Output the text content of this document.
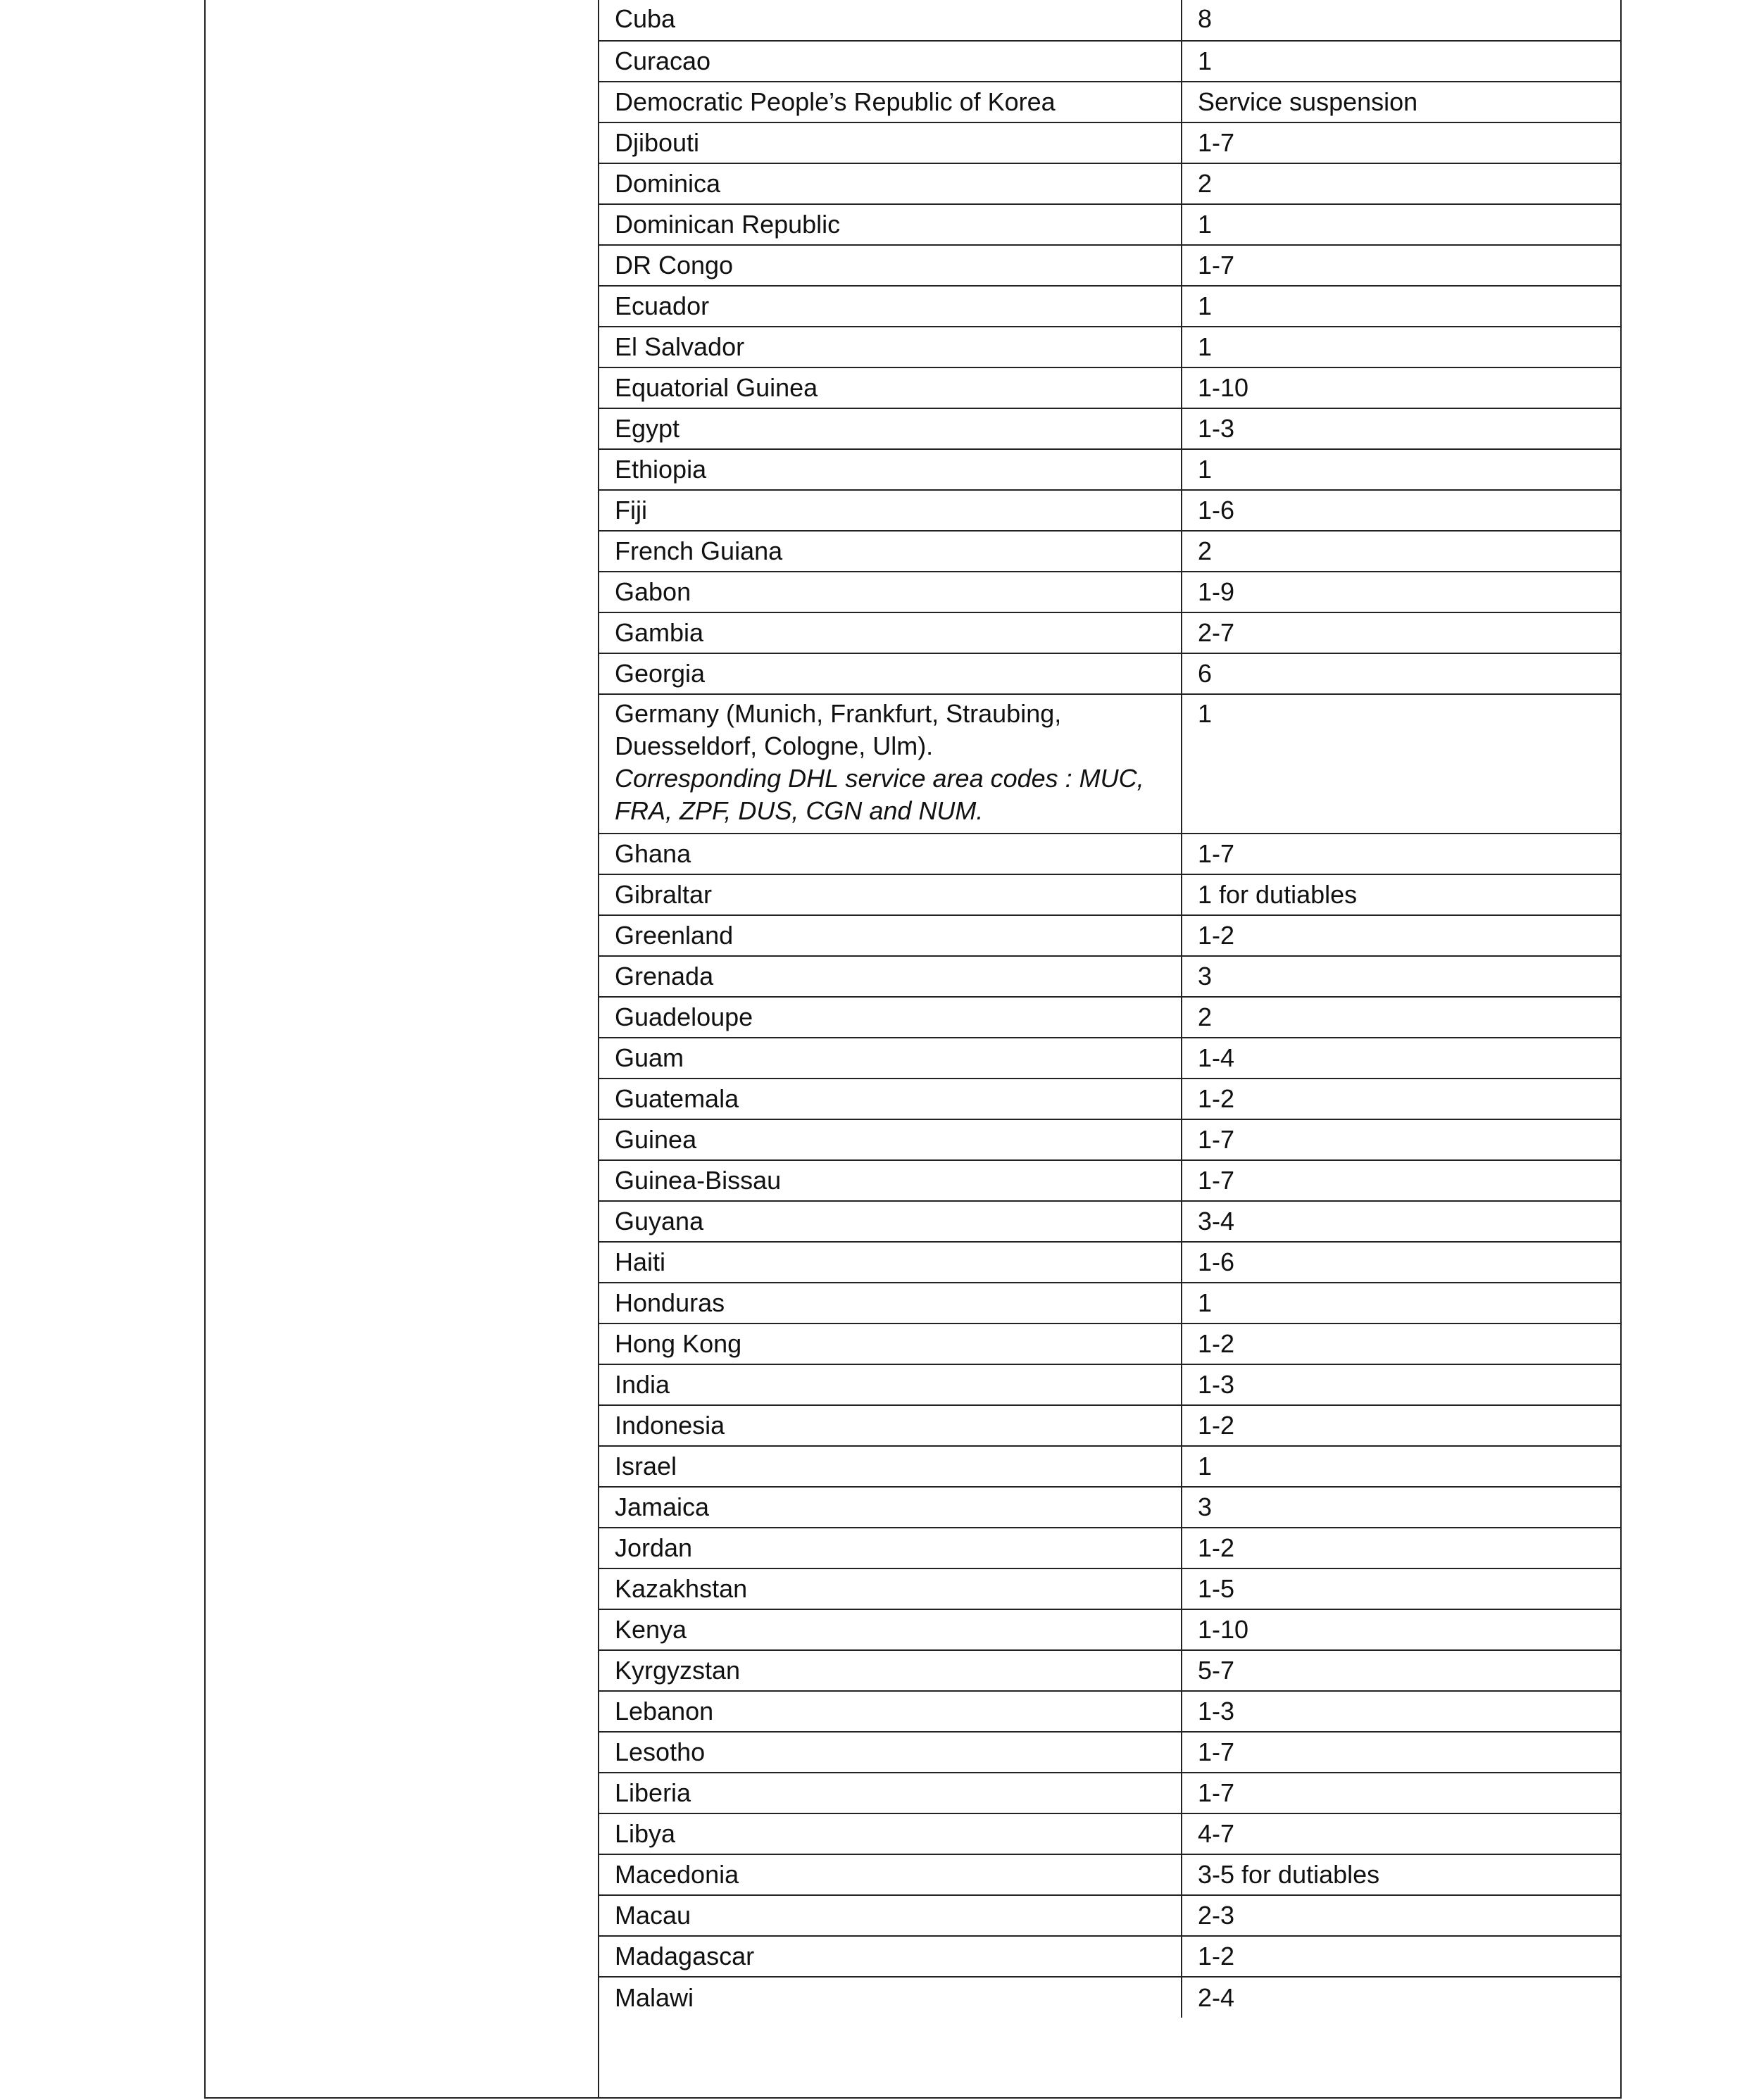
Cuba	8
Curacao	1
Democratic People’s Republic of Korea	Service suspension
Djibouti	1-7
Dominica	2
Dominican Republic	1
DR Congo	1-7
Ecuador	1
El Salvador	1
Equatorial Guinea	1-10
Egypt	1-3
Ethiopia	1
Fiji	1-6
French Guiana	2
Gabon	1-9
Gambia	2-7
Georgia	6
Germany (Munich, Frankfurt, Straubing, Duesseldorf, Cologne, Ulm).
Corresponding DHL service area codes : MUC, FRA, ZPF, DUS, CGN and NUM.	1
Ghana	1-7
Gibraltar	1 for dutiables
Greenland	1-2
Grenada	3
Guadeloupe	2
Guam	1-4
Guatemala	1-2
Guinea	1-7
Guinea-Bissau	1-7
Guyana	3-4
Haiti	1-6
Honduras	1
Hong Kong	1-2
India	1-3
Indonesia	1-2
Israel	1
Jamaica	3
Jordan	1-2
Kazakhstan	1-5
Kenya	1-10
Kyrgyzstan	5-7
Lebanon	1-3
Lesotho	1-7
Liberia	1-7
Libya	4-7
Macedonia	3-5 for dutiables
Macau	2-3
Madagascar	1-2
Malawi	2-4
